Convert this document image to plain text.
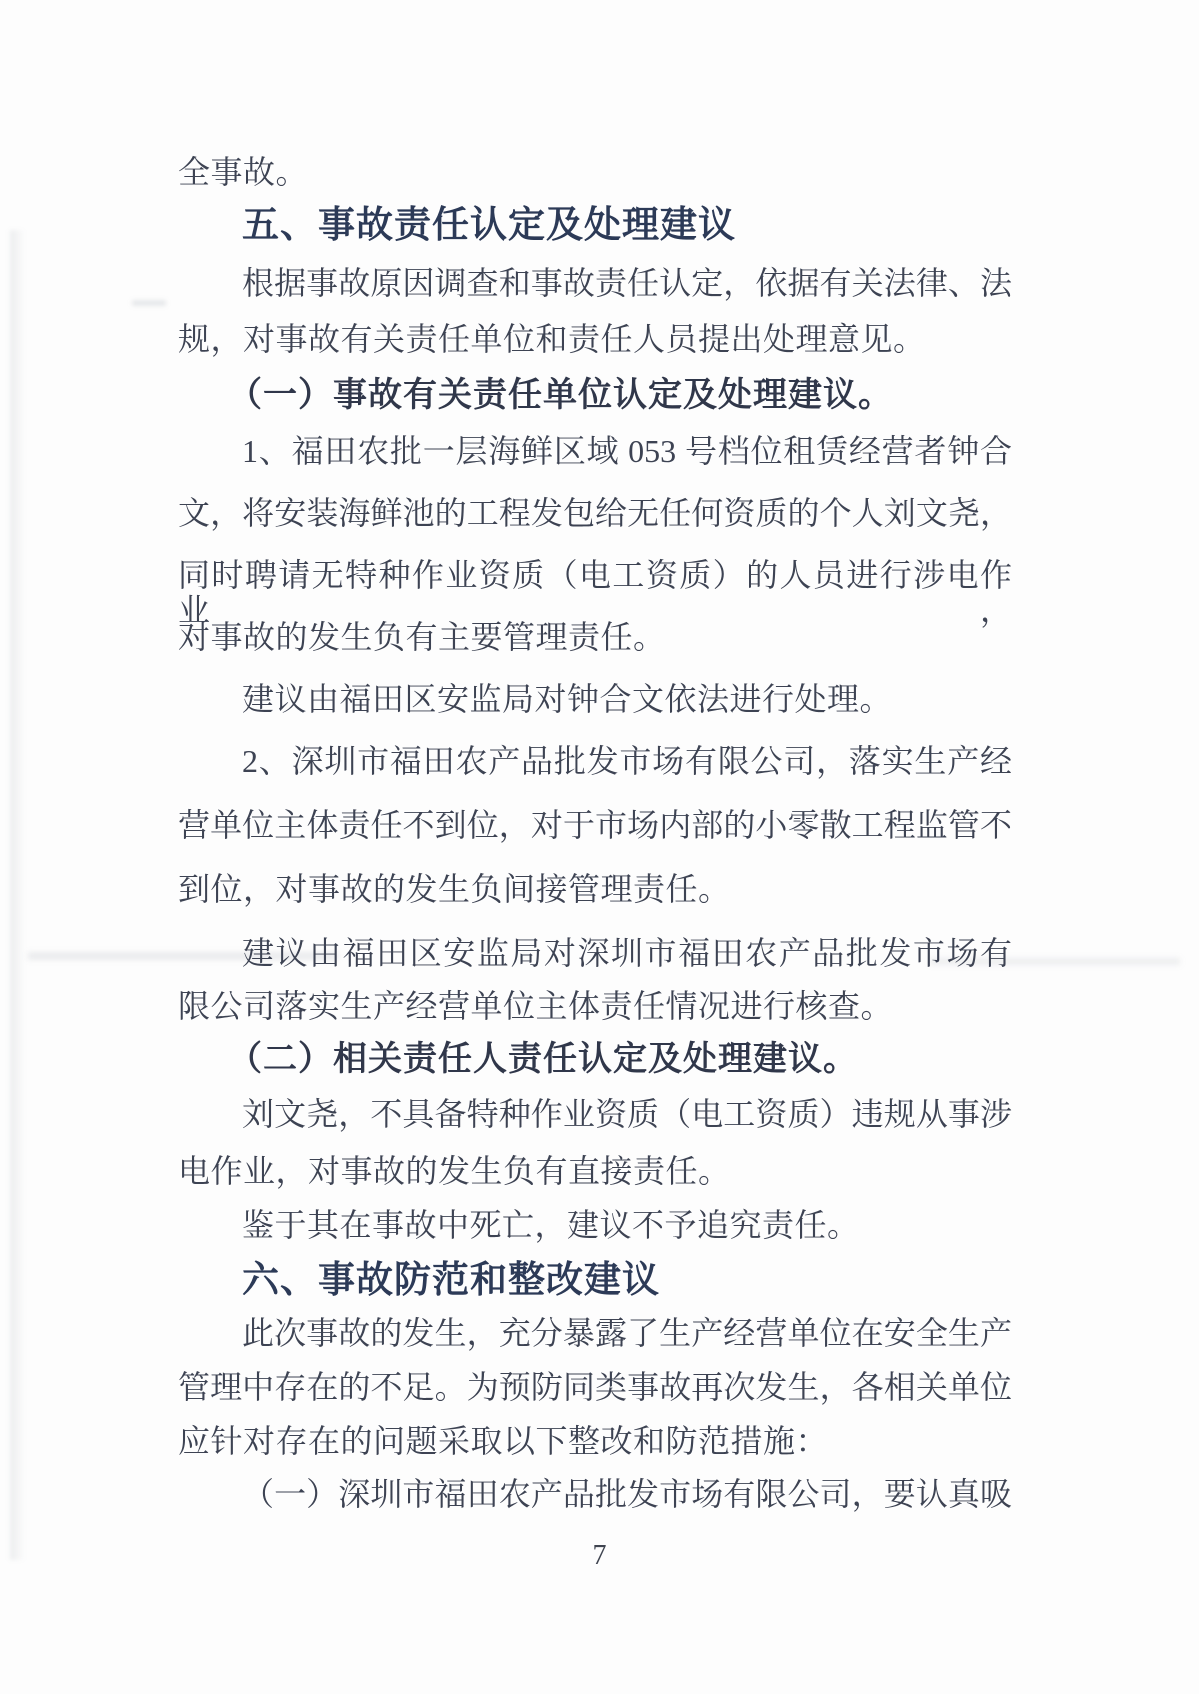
全事故。
五、事故责任认定及处理建议
根据事故原因调查和事故责任认定，依据有关法律、法
规，对事故有关责任单位和责任人员提出处理意见。
（一）事故有关责任单位认定及处理建议。
1、福田农批一层海鲜区域 053 号档位租赁经营者钟合
文，将安装海鲜池的工程发包给无任何资质的个人刘文尧，
同时聘请无特种作业资质（电工资质）的人员进行涉电作业，
对事故的发生负有主要管理责任。
建议由福田区安监局对钟合文依法进行处理。
2、深圳市福田农产品批发市场有限公司，落实生产经
营单位主体责任不到位，对于市场内部的小零散工程监管不
到位，对事故的发生负间接管理责任。
建议由福田区安监局对深圳市福田农产品批发市场有
限公司落实生产经营单位主体责任情况进行核查。
（二）相关责任人责任认定及处理建议。
刘文尧，不具备特种作业资质（电工资质）违规从事涉
电作业，对事故的发生负有直接责任。
鉴于其在事故中死亡，建议不予追究责任。
六、事故防范和整改建议
此次事故的发生，充分暴露了生产经营单位在安全生产
管理中存在的不足。为预防同类事故再次发生，各相关单位
应针对存在的问题采取以下整改和防范措施：
（一）深圳市福田农产品批发市场有限公司，要认真吸
7
